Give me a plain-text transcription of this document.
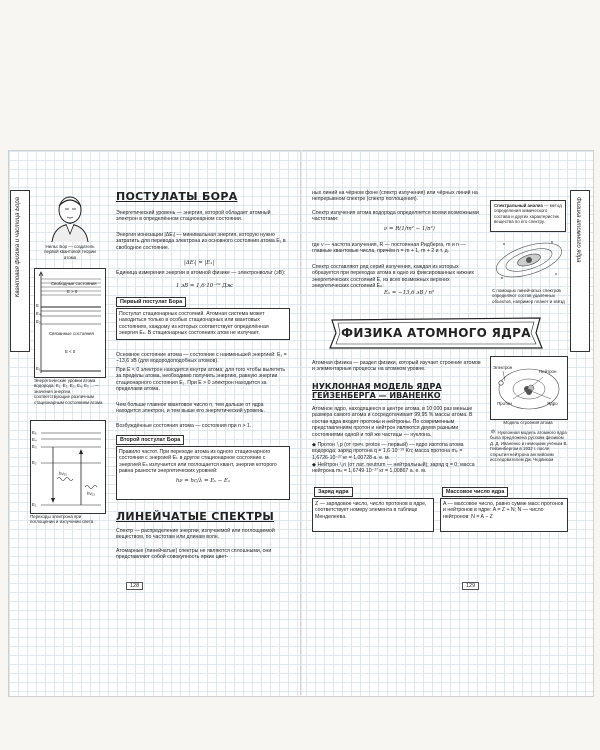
Квантовая физика и частица Бора	Нильс Бор — создатель первой квантовой теории атома
Свободные состояния
E > 0
Связанные состояния
E < 0
E
E₄
E₂
E₁
Энергетические уровни атома водорода. E₁, E₂, E₃, E₄, E₅ ... — значения энергии, соответствующие различным стационарным состояниям атома
E₅
E₄
E₃
E₂
E₁
hν₃₂
hν₁₃
Переходы электрона при поглощении и излучении света
ПОСТУЛАТЫ БОРА
Энергетический уровень — энергия, которой обладает атомный электрон в определённом стационарном состоянии.
Энергия ионизации |ΔEᵢ| — минимальная энергия, которую нужно затратить для перевода электрона из основного состояния атома E₁ в свободное состояние.
|ΔEᵢ| = |E₁|
Единица измерения энергии в атомной физике — электронвольт (эВ):
1 эВ = 1,6·10⁻¹⁹ Дж
Первый постулат Бора
Постулат стационарных состояний. Атомная система может находиться только в особых стационарных или квантовых состояниях, каждому из которых соответствует определённая энергия Eₙ. В стационарных состояниях атом не излучает.
Основное состояние атома — состояние с наименьшей энергией: E₁ = −13,6 эВ (для водородоподобных атомов).
При E < 0 электрон находится внутри атома; для того чтобы вылететь за пределы атома, необходимо получить энергию, равную энергии стационарного состояния E₁. При E > 0 электрон находится за пределами атома.
Чем больше главное квантовое число n, тем дальше от ядра находится электрон, и тем выше его энергетический уровень.
Возбуждённые состояния атома — состояния при n > 1.
Второй постулат Бора
Правило частот. При переходе атома из одного стационарного состояния с энергией Eₖ в другое стационарное состояние с энергией Eₙ излучается или поглощается квант, энергия которого равна разности энергетических уровней:
hν = hc/λ = Eₖ − Eₙ
ЛИНЕЙЧАТЫЕ СПЕКТРЫ
Спектр — распределение энергии, излучаемой или поглощаемой веществом, по частотам или длинам волн.
Атомарные (линейчатые) спектры не являются сплошными, они представляют собой совокупность ярких цвет-
128
Физика атомного ядра
ных линий на чёрном фоне (спектр излучения) или чёрных линий на непрерывном спектре (спектр поглощения).
Спектр излучения атома водорода определяется всеми возможными частотами:
ν = R(1/m² − 1/n²)
где ν — частота излучения, R — постоянная Ридберга, m и n — главные квантовые числа, причём n = m + 1, m + 2 и т. д.
Спектр составляют ряд серий излучения, каждая из которых образуется при переходах атома в одно из фиксированных нижних энергетических состояний E, из всех возможных верхних энергетических состояний Eₙ:
Eₙ = −13,6 эВ / n²
Спектральный анализ — метод определения химического состава и других характеристик вещества по его спектру.
С помощью линейчатых спектров определяют состав удалённых объектов, например планет и звёзд
ФИЗИКА АТОМНОГО ЯДРА
Атомная физика — раздел физики, который изучает строение атомов и элементарные процессы на атомном уровне.
НУКЛОННАЯ МОДЕЛЬ ЯДРА ГЕЙЗЕНБЕРГА — ИВАНЕНКО
Атомное ядро, находящееся в центре атома, в 10 000 раз меньше размера самого атома и сосредотачивает 99,95 % массы атома. В состав ядра входят протоны и нейтроны. По современным представлениям протон и нейтрон являются двумя разными состояниями одной и той же частицы — нуклона.
◆ Протон ¹₁p (от греч. protos — первый) — ядро изотопа атома водорода; заряд протона q = 1,6·10⁻¹⁹ Кл; масса протона mₚ = 1,6726·10⁻²⁷ кг = 1,00728 а. е. м.
◆ Нейтрон ¹₀n (от лат. neutrum — нейтральный); заряд q = 0; масса нейтрона mₙ = 1,6749·10⁻²⁷ кг = 1,00867 а. е. м.
Электрон
Нейтрон
Протон	Ядро
Модель строения атома
⚛ Нуклонная модель атомного ядра была предложена русским физиком Д. Д. Иваненко и немецким учёным В. Гейзенбергом в 1932 г. после открытия нейтрона английским исследователем Дж. Чедвиком
Заряд ядра
Z — зарядовое число, число протонов в ядре, соответствует номеру элемента в таблице Менделеева.
Массовое число ядра
A — массовое число, равно сумме масс протонов и нейтронов в ядре: A = Z + N; N — число нейтронов: N = A − Z
129
